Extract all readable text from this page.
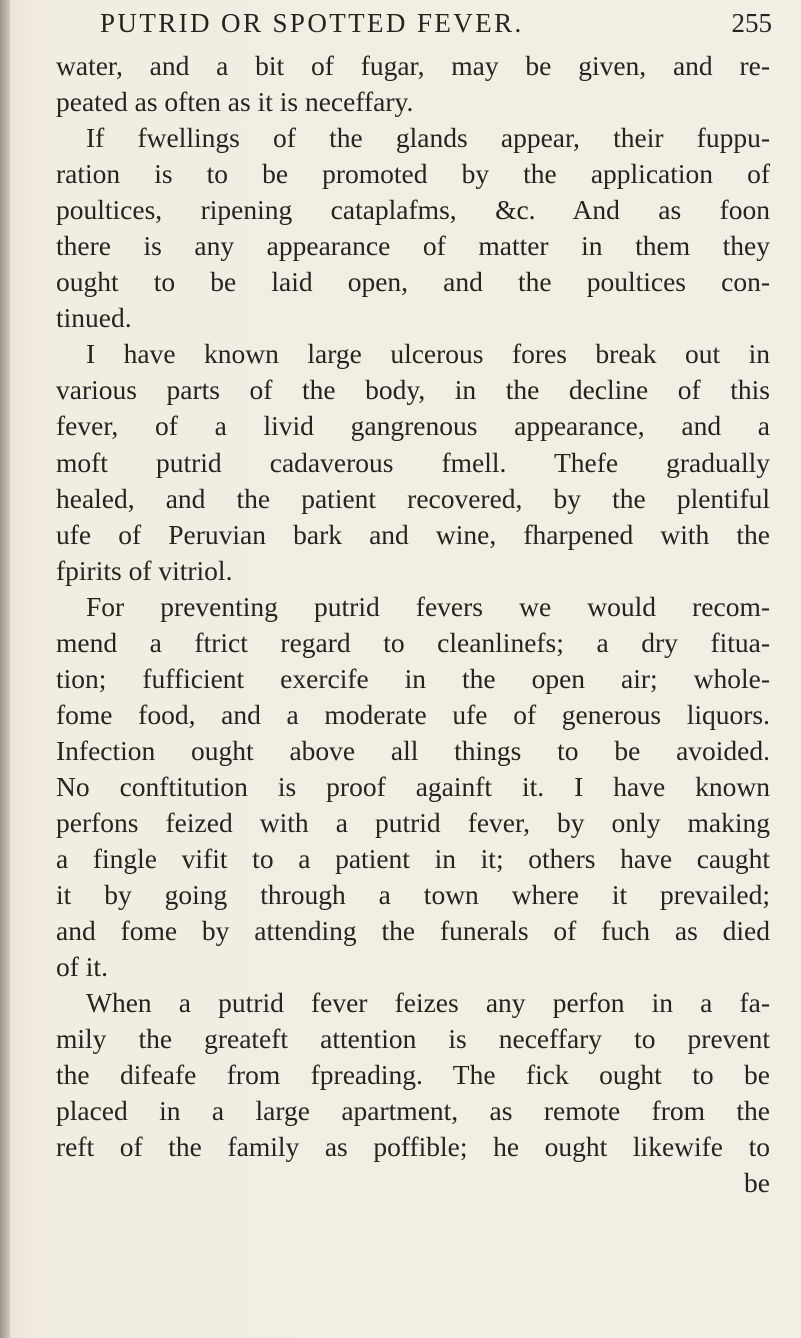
PUTRID OR SPOTTED FEVER.	255
water, and a bit of fugar, may be given, and re-
peated as often as it is neceffary.
If fwellings of the glands appear, their fuppu-
ration is to be promoted by the application of
poultices, ripening cataplafms, &c. And as foon
there is any appearance of matter in them they
ought to be laid open, and the poultices con-
tinued.
I have known large ulcerous fores break out in
various parts of the body, in the decline of this
fever, of a livid gangrenous appearance, and a
moft putrid cadaverous fmell. Thefe gradually
healed, and the patient recovered, by the plentiful
ufe of Peruvian bark and wine, fharpened with the
fpirits of vitriol.
For preventing putrid fevers we would recom-
mend a ftrict regard to cleanlinefs; a dry fitua-
tion; fufficient exercife in the open air; whole-
fome food, and a moderate ufe of generous liquors.
Infection ought above all things to be avoided.
No conftitution is proof againft it. I have known
perfons feized with a putrid fever, by only making
a fingle vifit to a patient in it; others have caught
it by going through a town where it prevailed;
and fome by attending the funerals of fuch as died
of it.
When a putrid fever feizes any perfon in a fa-
mily the greateft attention is neceffary to prevent
the difeafe from fpreading. The fick ought to be
placed in a large apartment, as remote from the
reft of the family as poffible; he ought likewife to
be
